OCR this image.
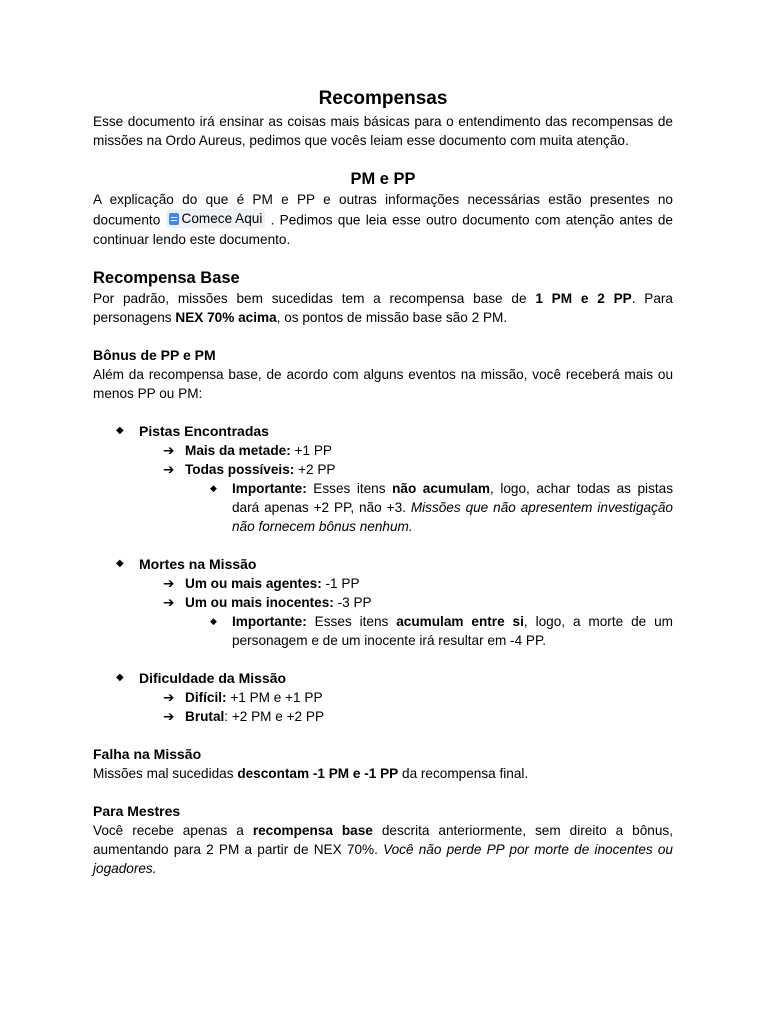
Recompensas

Esse documento irá ensinar as coisas mais básicas para o entendimento das recompensas de missões na Ordo Aureus, pedimos que vocês leiam esse documento com muita atenção.

PM e PP

A explicação do que é PM e PP e outras informações necessárias estão presentes no documento Comece Aqui . Pedimos que leia esse outro documento com atenção antes de continuar lendo este documento.

Recompensa Base

Por padrão, missões bem sucedidas tem a recompensa base de 1 PM e 2 PP. Para personagens NEX 70% acima, os pontos de missão base são 2 PM.

Bônus de PP e PM

Além da recompensa base, de acordo com alguns eventos na missão, você receberá mais ou menos PP ou PM:

◆ Pistas Encontradas
➔ Mais da metade: +1 PP
➔ Todas possíveis: +2 PP
◆ Importante: Esses itens não acumulam, logo, achar todas as pistas dará apenas +2 PP, não +3. Missões que não apresentem investigação não fornecem bônus nenhum.
◆ Mortes na Missão
➔ Um ou mais agentes: -1 PP
➔ Um ou mais inocentes: -3 PP
◆ Importante: Esses itens acumulam entre si, logo, a morte de um personagem e de um inocente irá resultar em -4 PP.
◆ Dificuldade da Missão
➔ Difícil: +1 PM e +1 PP
➔ Brutal: +2 PM e +2 PP
Falha na Missão

Missões mal sucedidas descontam -1 PM e -1 PP da recompensa final.

Para Mestres

Você recebe apenas a recompensa base descrita anteriormente, sem direito a bônus, aumentando para 2 PM a partir de NEX 70%. Você não perde PP por morte de inocentes ou jogadores.
